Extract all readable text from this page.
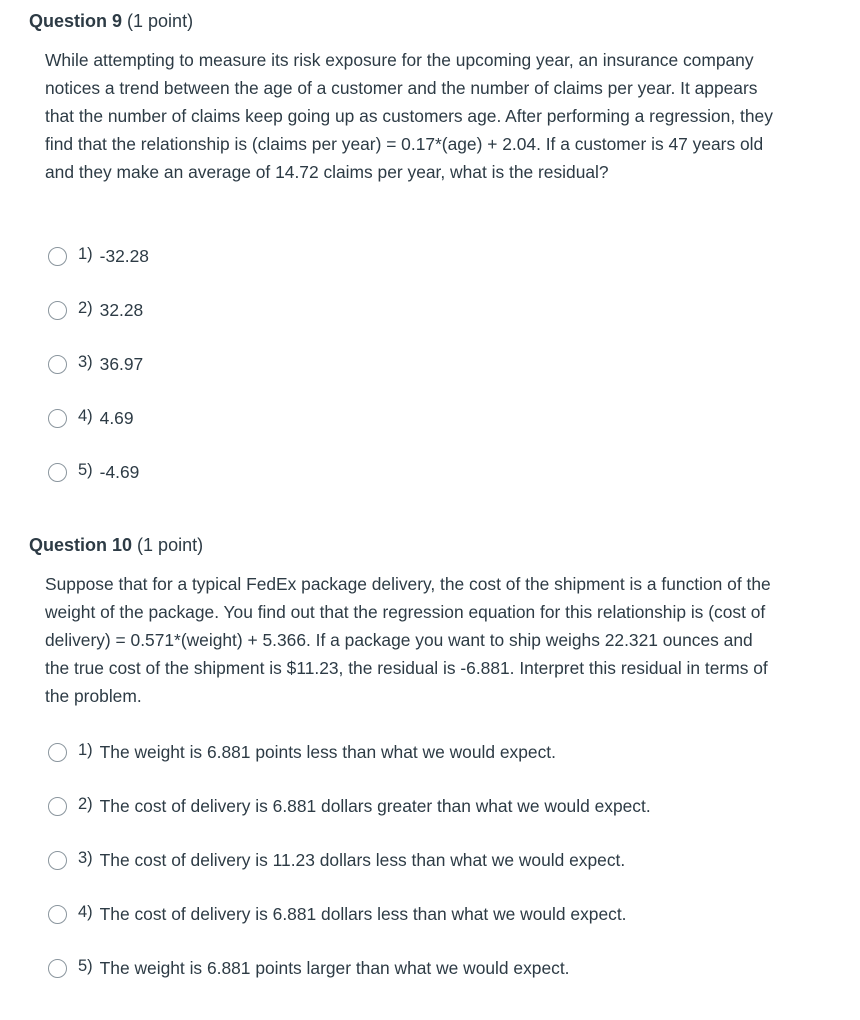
Question 9 (1 point)

While attempting to measure its risk exposure for the upcoming year, an insurance company notices a trend between the age of a customer and the number of claims per year. It appears that the number of claims keep going up as customers age. After performing a regression, they find that the relationship is (claims per year) = 0.17*(age) + 2.04. If a customer is 47 years old and they make an average of 14.72 claims per year, what is the residual?

1) -32.28
2) 32.28
3) 36.97
4) 4.69
5) -4.69
Question 10 (1 point)

Suppose that for a typical FedEx package delivery, the cost of the shipment is a function of the weight of the package. You find out that the regression equation for this relationship is (cost of delivery) = 0.571*(weight) + 5.366. If a package you want to ship weighs 22.321 ounces and the true cost of the shipment is $11.23, the residual is -6.881. Interpret this residual in terms of the problem.

1) The weight is 6.881 points less than what we would expect.
2) The cost of delivery is 6.881 dollars greater than what we would expect.
3) The cost of delivery is 11.23 dollars less than what we would expect.
4) The cost of delivery is 6.881 dollars less than what we would expect.
5) The weight is 6.881 points larger than what we would expect.
